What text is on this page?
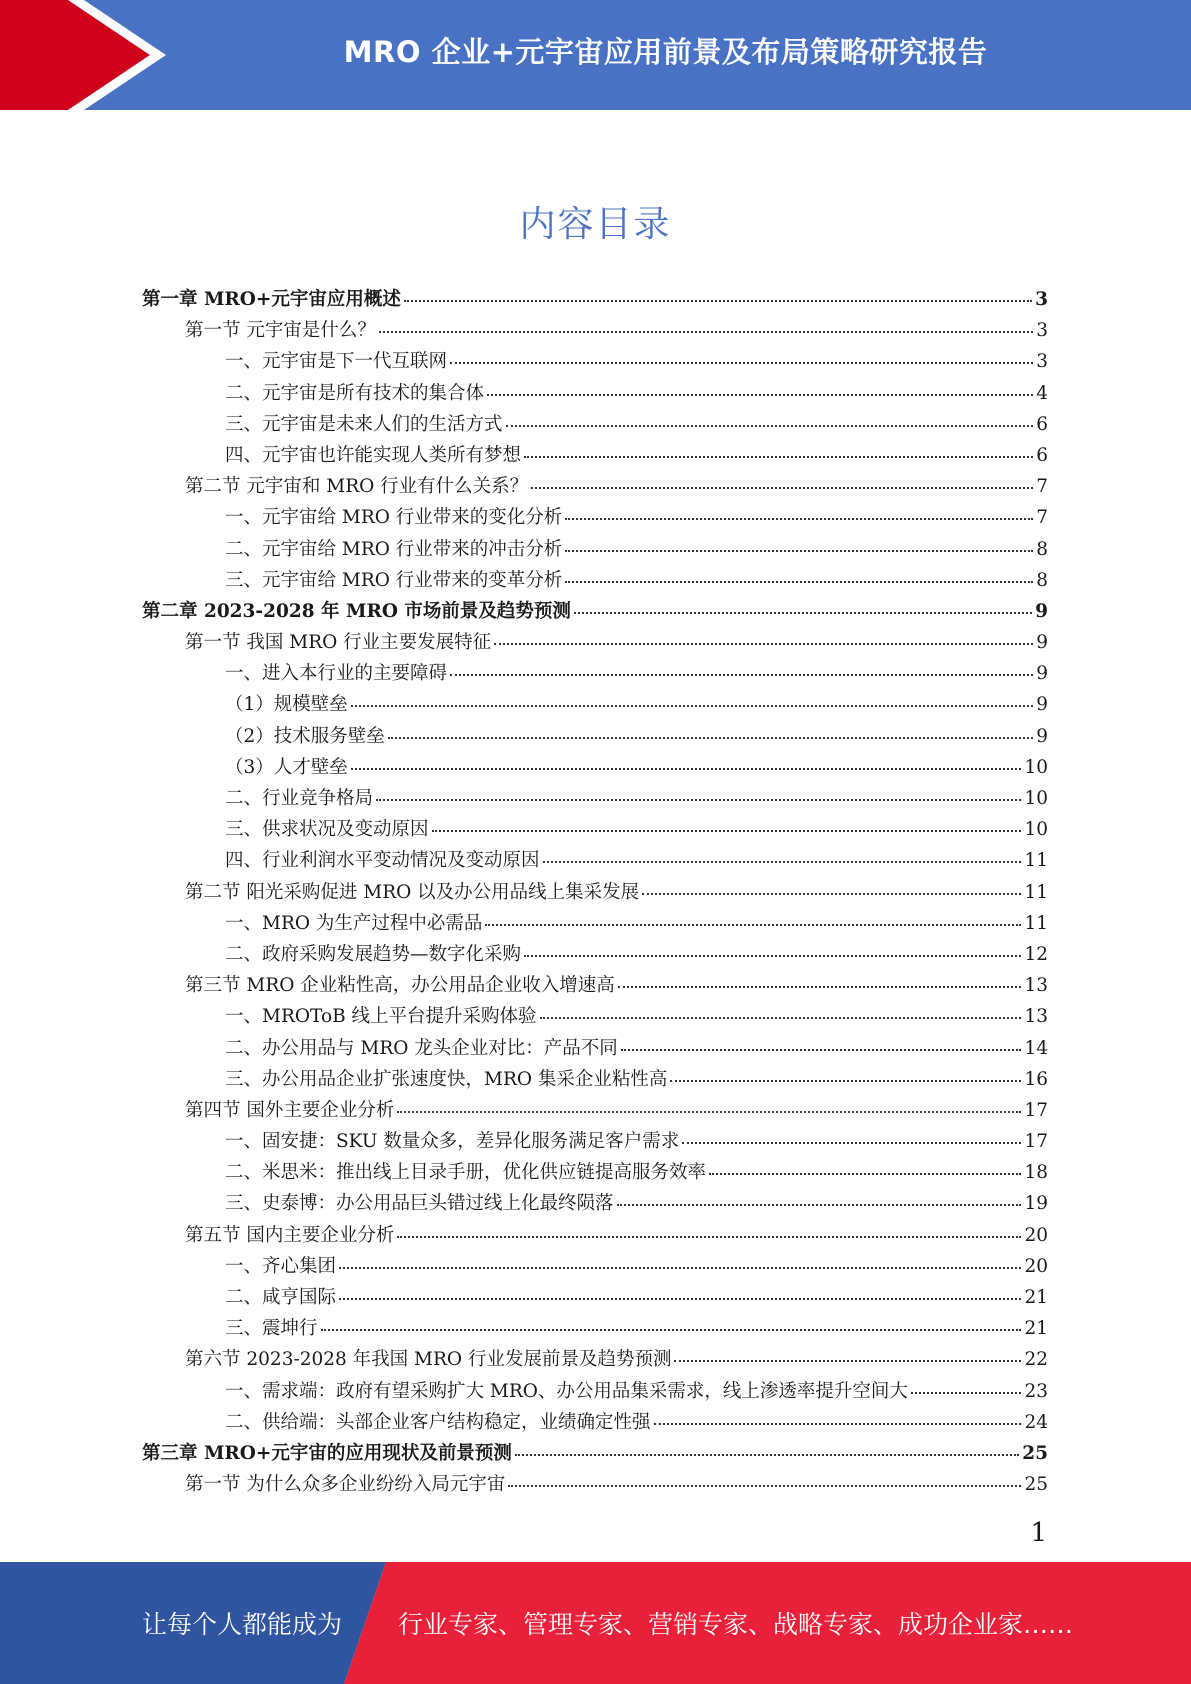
MRO 企业+元宇宙应用前景及布局策略研究报告
内容目录
第一章 MRO+元宇宙应用概述	3
第一节 元宇宙是什么？	3
一、元宇宙是下一代互联网	3
二、元宇宙是所有技术的集合体	4
三、元宇宙是未来人们的生活方式	6
四、元宇宙也许能实现人类所有梦想	6
第二节 元宇宙和 MRO 行业有什么关系？	7
一、元宇宙给 MRO 行业带来的变化分析	7
二、元宇宙给 MRO 行业带来的冲击分析	8
三、元宇宙给 MRO 行业带来的变革分析	8
第二章 2023-2028 年 MRO 市场前景及趋势预测	9
第一节 我国 MRO 行业主要发展特征	9
一、进入本行业的主要障碍	9
（1）规模壁垒	9
（2）技术服务壁垒	9
（3）人才壁垒	10
二、行业竞争格局	10
三、供求状况及变动原因	10
四、行业利润水平变动情况及变动原因	11
第二节 阳光采购促进 MRO 以及办公用品线上集采发展	11
一、MRO 为生产过程中必需品	11
二、政府采购发展趋势—数字化采购	12
第三节 MRO 企业粘性高，办公用品企业收入增速高	13
一、MROToB 线上平台提升采购体验	13
二、办公用品与 MRO 龙头企业对比：产品不同	14
三、办公用品企业扩张速度快，MRO 集采企业粘性高	16
第四节 国外主要企业分析	17
一、固安捷：SKU 数量众多，差异化服务满足客户需求	17
二、米思米：推出线上目录手册，优化供应链提高服务效率	18
三、史泰博：办公用品巨头错过线上化最终陨落	19
第五节 国内主要企业分析	20
一、齐心集团	20
二、咸亨国际	21
三、震坤行	21
第六节 2023-2028 年我国 MRO 行业发展前景及趋势预测	22
一、需求端：政府有望采购扩大 MRO、办公用品集采需求，线上渗透率提升空间大	23
二、供给端：头部企业客户结构稳定，业绩确定性强	24
第三章 MRO+元宇宙的应用现状及前景预测	25
第一节 为什么众多企业纷纷入局元宇宙	25
1
让每个人都能成为 行业专家、管理专家、营销专家、战略专家、成功企业家……
